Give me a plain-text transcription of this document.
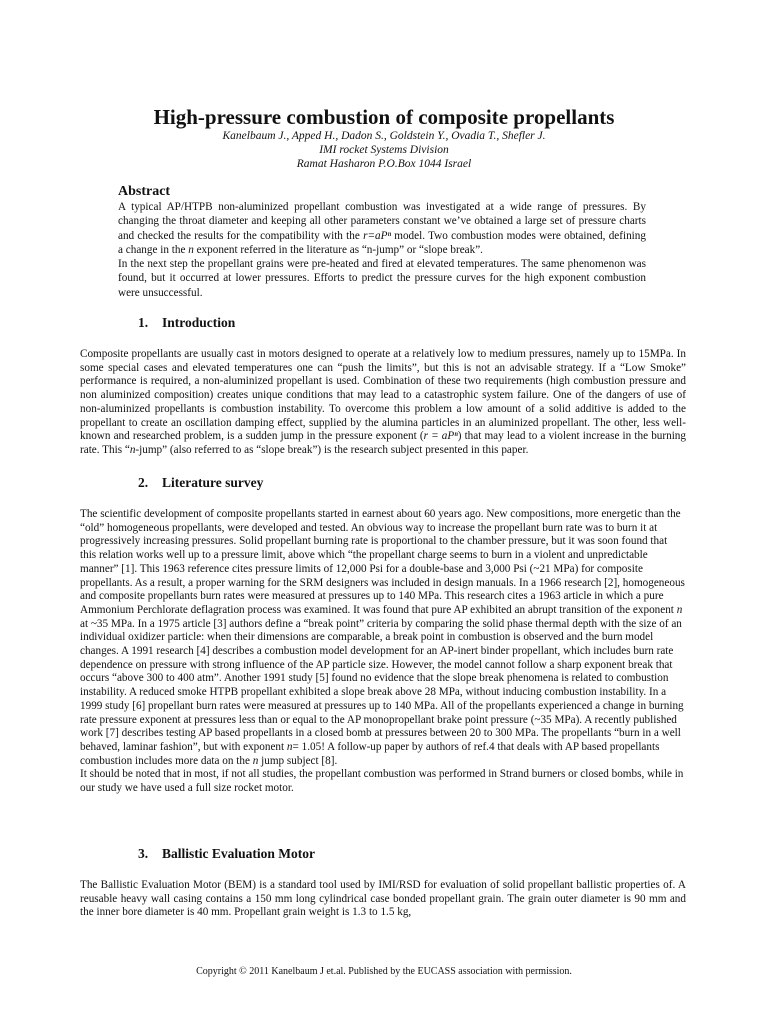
High-pressure combustion of composite propellants
Kanelbaum J., Apped H., Dadon S., Goldstein Y., Ovadia T., Shefler J.
IMI rocket Systems Division
Ramat Hasharon P.O.Box 1044 Israel
Abstract

A typical AP/HTPB non-aluminized propellant combustion was investigated at a wide range of pressures. By changing the throat diameter and keeping all other parameters constant we’ve obtained a large set of pressure charts and checked the results for the compatibility with the r=aPⁿ model. Two combustion modes were obtained, defining a change in the n exponent referred in the literature as “n-jump” or “slope break”.

In the next step the propellant grains were pre-heated and fired at elevated temperatures. The same phenomenon was found, but it occurred at lower pressures. Efforts to predict the pressure curves for the high exponent combustion were unsuccessful.

1. Introduction

Composite propellants are usually cast in motors designed to operate at a relatively low to medium pressures, namely up to 15MPa. In some special cases and elevated temperatures one can “push the limits”, but this is not an advisable strategy. If a “Low Smoke” performance is required, a non-aluminized propellant is used. Combination of these two requirements (high combustion pressure and non aluminized composition) creates unique conditions that may lead to a catastrophic system failure. One of the dangers of use of non-aluminized propellants is combustion instability. To overcome this problem a low amount of a solid additive is added to the propellant to create an oscillation damping effect, supplied by the alumina particles in an aluminized propellant. The other, less well-known and researched problem, is a sudden jump in the pressure exponent (r = aPⁿ) that may lead to a violent increase in the burning rate. This “n-jump” (also referred to as “slope break”) is the research subject presented in this paper.

2. Literature survey

The scientific development of composite propellants started in earnest about 60 years ago. New compositions, more energetic than the “old” homogeneous propellants, were developed and tested. An obvious way to increase the propellant burn rate was to burn it at progressively increasing pressures. Solid propellant burning rate is proportional to the chamber pressure, but it was soon found that this relation works well up to a pressure limit, above which “the propellant charge seems to burn in a violent and unpredictable manner” [1]. This 1963 reference cites pressure limits of 12,000 Psi for a double-base and 3,000 Psi (~21 MPa) for composite propellants. As a result, a proper warning for the SRM designers was included in design manuals. In a 1966 research [2], homogeneous and composite propellants burn rates were measured at pressures up to 140 MPa. This research cites a 1963 article in which a pure Ammonium Perchlorate deflagration process was examined. It was found that pure AP exhibited an abrupt transition of the exponent n at ~35 MPa. In a 1975 article [3] authors define a “break point” criteria by comparing the solid phase thermal depth with the size of an individual oxidizer particle: when their dimensions are comparable, a break point in combustion is observed and the burn model changes. A 1991 research [4] describes a combustion model development for an AP-inert binder propellant, which includes burn rate dependence on pressure with strong influence of the AP particle size. However, the model cannot follow a sharp exponent break that occurs “above 300 to 400 atm”. Another 1991 study [5] found no evidence that the slope break phenomena is related to combustion instability. A reduced smoke HTPB propellant exhibited a slope break above 28 MPa, without inducing combustion instability. In a 1999 study [6] propellant burn rates were measured at pressures up to 140 MPa. All of the propellants experienced a change in burning rate pressure exponent at pressures less than or equal to the AP monopropellant brake point pressure (~35 MPa). A recently published work [7] describes testing AP based propellants in a closed bomb at pressures between 20 to 300 MPa. The propellants “burn in a well behaved, laminar fashion”, but with exponent n= 1.05! A follow-up paper by authors of ref.4 that deals with AP based propellants combustion includes more data on the n jump subject [8].

It should be noted that in most, if not all studies, the propellant combustion was performed in Strand burners or closed bombs, while in our study we have used a full size rocket motor.

3. Ballistic Evaluation Motor

The Ballistic Evaluation Motor (BEM) is a standard tool used by IMI/RSD for evaluation of solid propellant ballistic properties of. A reusable heavy wall casing contains a 150 mm long cylindrical case bonded propellant grain. The grain outer diameter is 90 mm and the inner bore diameter is 40 mm. Propellant grain weight is 1.3 to 1.5 kg,

Copyright © 2011 Kanelbaum J et.al. Published by the EUCASS association with permission.
